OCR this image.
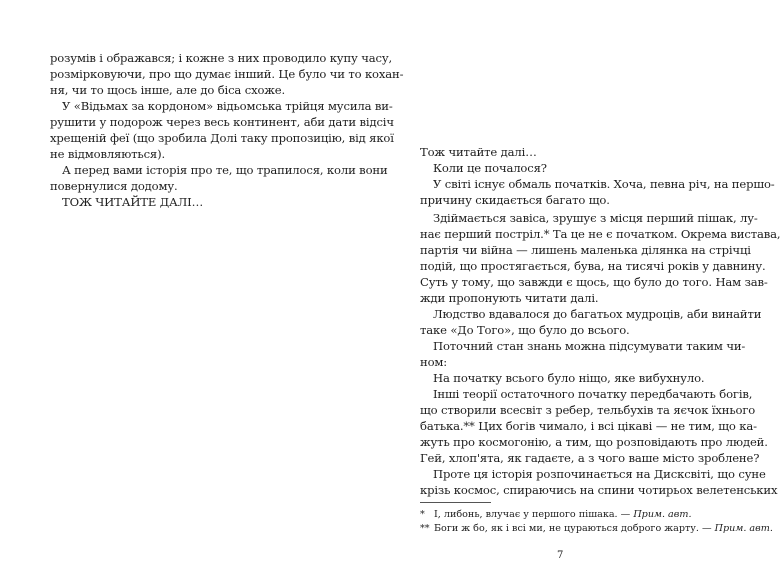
розумів і ображався; і кожне з них проводило купу часу,
розмірковуючи, про що думає інший. Це було чи то кохан-
ня, чи то щось інше, але до біса схоже.
У «Відьмах за кордоном» відьомська трійця мусила ви-
рушити у подорож через весь континент, аби дати відсіч
хрещеній феї (що зробила Долі таку пропозицію, від якої
не відмовляються).
А перед вами історія про те, що трапилося, коли вони
повернулися додому.
ТОЖ ЧИТАЙТЕ ДАЛІ…
Тож читайте далі…
Коли це почалося?
У світі існує обмаль початків. Хоча, певна річ, на першо-
причину скидається багато що.
Здіймається завіса, зрушує з місця перший пішак, лу-
нає перший постріл.* Та це не є початком. Окрема вистава,
партія чи війна — лишень маленька ділянка на стрічці
подій, що простягається, бува, на тисячі років у давнину.
Суть у тому, що завжди є щось, що було до того. Нам зав-
жди пропонують читати далі.
Людство вдавалося до багатьох мудроців, аби винайти
таке «До Того», що було до всього.
Поточний стан знань можна підсумувати таким чи-
ном:
На початку всього було ніщо, яке вибухнуло.
Інші теорії остаточного початку передбачають богів,
що створили всесвіт з ребер, тельбухів та яєчок їхнього
батька.** Цих богів чимало, і всі цікаві — не тим, що ка-
жуть про космогонію, а тим, що розповідають про людей.
Гей, хлоп'ята, як гадаєте, а з чого ваше місто зроблене?
Проте ця історія розпочинається на Дисксвіті, що суне
крізь космос, спираючись на спини чотирьох велетенських
* І, либонь, влучає у першого пішака. — Прим. авт.
** Боги ж бо, як і всі ми, не цураються доброго жарту. — Прим. авт.
7
